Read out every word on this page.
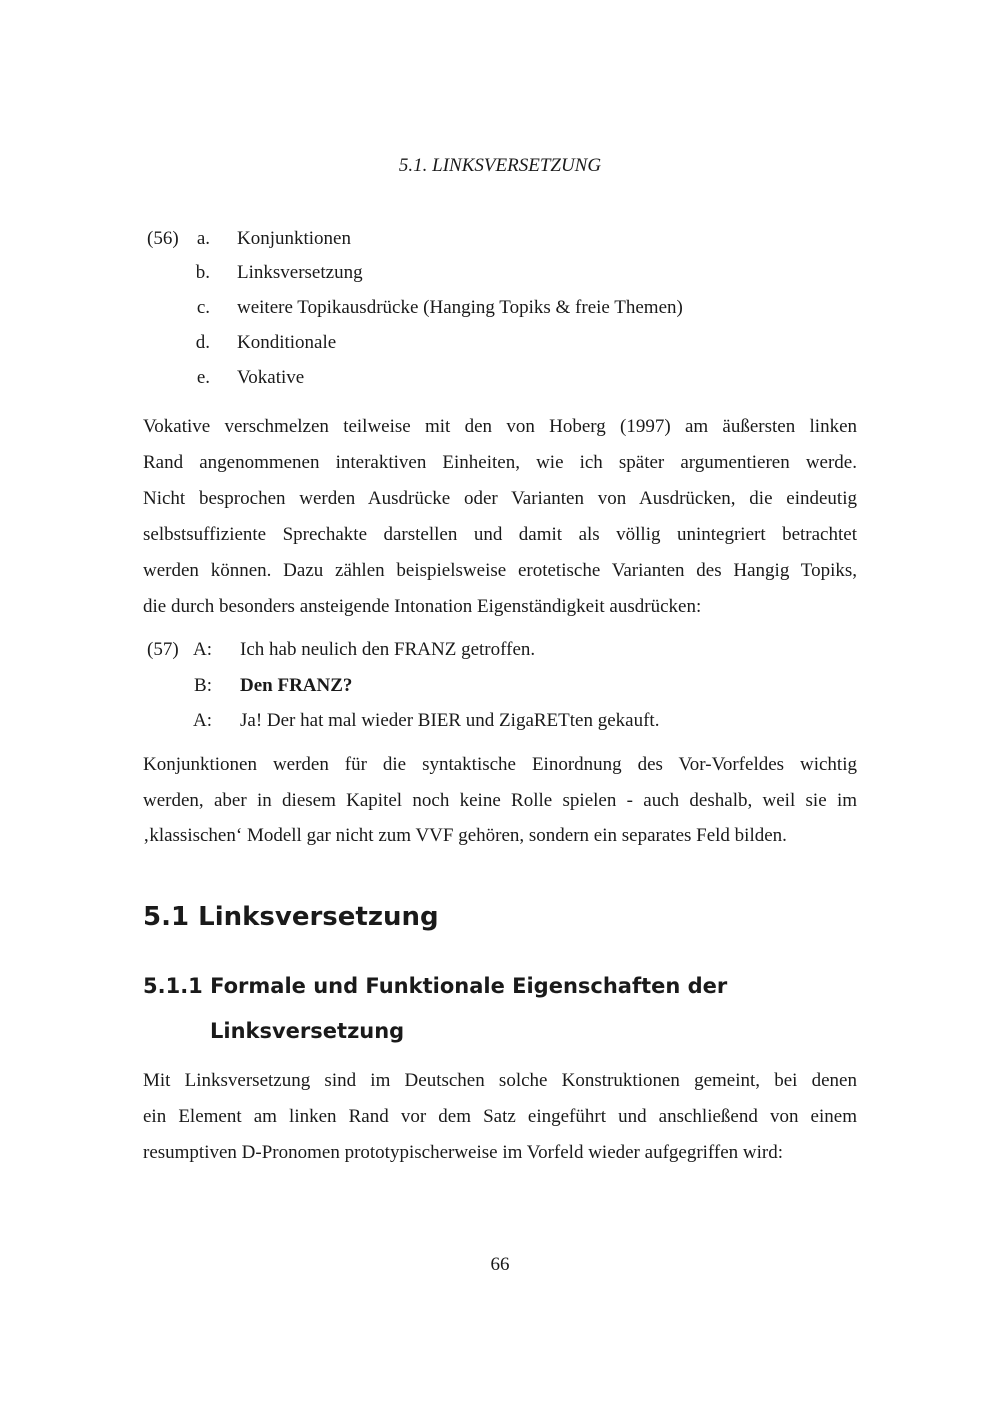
5.1. LINKSVERSETZUNG
(56) a. Konjunktionen
b. Linksversetzung
c. weitere Topikausdrücke (Hanging Topiks & freie Themen)
d. Konditionale
e. Vokative
Vokative verschmelzen teilweise mit den von Hoberg (1997) am äußersten linken
Rand angenommenen interaktiven Einheiten, wie ich später argumentieren werde.
Nicht besprochen werden Ausdrücke oder Varianten von Ausdrücken, die eindeutig
selbstsuffiziente Sprechakte darstellen und damit als völlig unintegriert betrachtet
werden können. Dazu zählen beispielsweise erotetische Varianten des Hangig Topiks,
die durch besonders ansteigende Intonation Eigenständigkeit ausdrücken:
(57) A: Ich hab neulich den FRANZ getroffen.
B: Den FRANZ?
A: Ja! Der hat mal wieder BIER und ZigaRETten gekauft.
Konjunktionen werden für die syntaktische Einordnung des Vor-Vorfeldes wichtig
werden, aber in diesem Kapitel noch keine Rolle spielen - auch deshalb, weil sie im
‚klassischen‘ Modell gar nicht zum VVF gehören, sondern ein separates Feld bilden.
5.1 Linksversetzung
5.1.1 Formale und Funktionale Eigenschaften der
Linksversetzung
Mit Linksversetzung sind im Deutschen solche Konstruktionen gemeint, bei denen
ein Element am linken Rand vor dem Satz eingeführt und anschließend von einem
resumptiven D-Pronomen prototypischerweise im Vorfeld wieder aufgegriffen wird:
66
